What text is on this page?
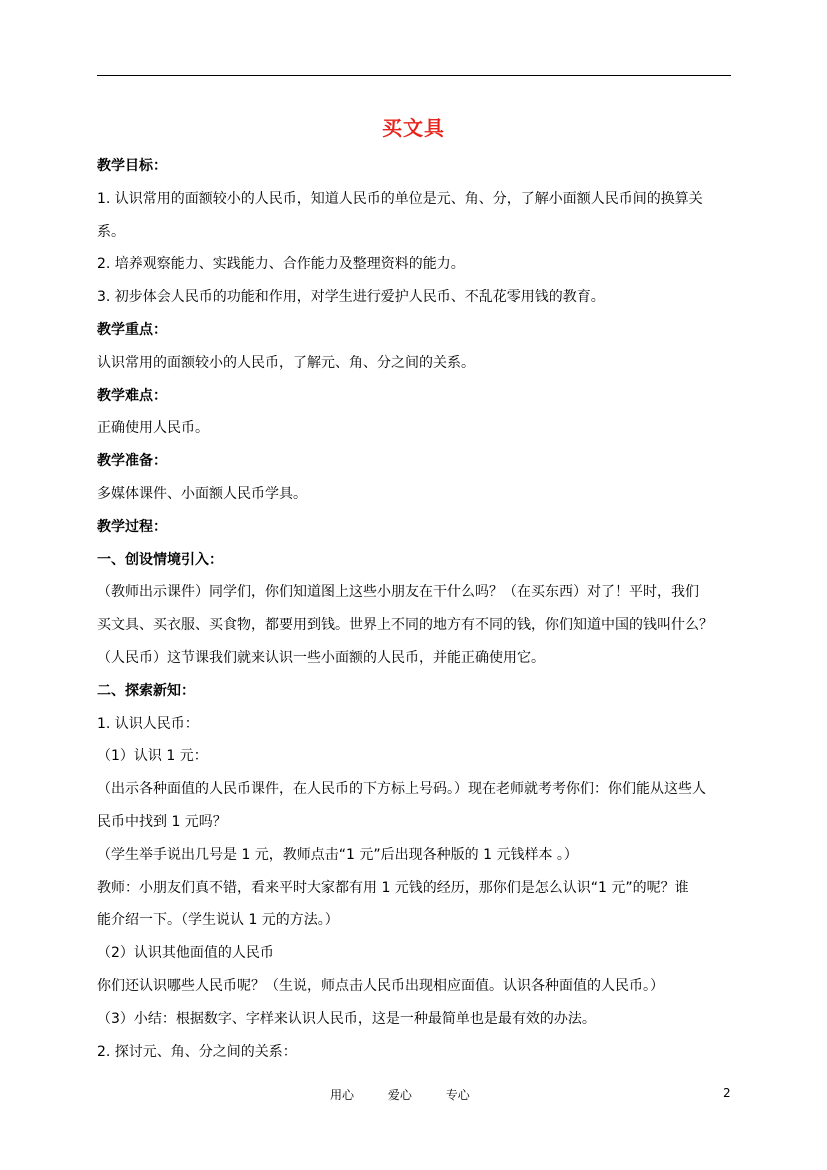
买文具
教学目标：
1. 认识常用的面额较小的人民币，知道人民币的单位是元、角、分，了解小面额人民币间的换算关
系。
2. 培养观察能力、实践能力、合作能力及整理资料的能力。
3. 初步体会人民币的功能和作用，对学生进行爱护人民币、不乱花零用钱的教育。
教学重点：
认识常用的面额较小的人民币，了解元、角、分之间的关系。
教学难点：
正确使用人民币。
教学准备：
多媒体课件、小面额人民币学具。
教学过程：
一、创设情境引入：
（教师出示课件）同学们，你们知道图上这些小朋友在干什么吗？（在买东西）对了！平时，我们
买文具、买衣服、买食物，都要用到钱。世界上不同的地方有不同的钱，你们知道中国的钱叫什么？
（人民币）这节课我们就来认识一些小面额的人民币，并能正确使用它。
二、探索新知：
1. 认识人民币：
（1）认识 1 元：
（出示各种面值的人民币课件，在人民币的下方标上号码。）现在老师就考考你们：你们能从这些人
民币中找到 1 元吗？
（学生举手说出几号是 1 元，教师点击“1 元”后出现各种版的 1 元钱样本 。）
教师：小朋友们真不错，看来平时大家都有用 1 元钱的经历，那你们是怎么认识“1 元”的呢？谁
能介绍一下。（学生说认 1 元的方法。）
（2）认识其他面值的人民币
你们还认识哪些人民币呢？（生说，师点击人民币出现相应面值。认识各种面值的人民币。）
（3）小结：根据数字、字样来认识人民币，这是一种最简单也是最有效的办法。
2. 探讨元、角、分之间的关系：
用心	爱心	专心	2
